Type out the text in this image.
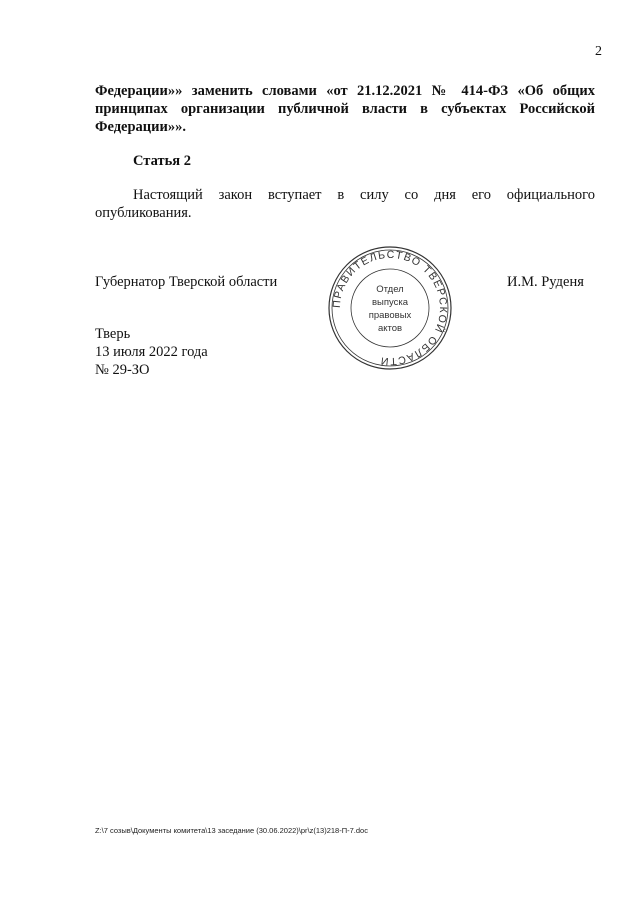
2

Федерации»» заменить словами «от 21.12.2021 № 414-ФЗ «Об общих принципах организации публичной власти в субъектах Российской Федерации»».

Статья 2

Настоящий закон вступает в силу со дня его официального опубликования.

Губернатор Тверской области	И.М. Руденя
ПРАВИТЕЛЬСТВО ТВЕРСКОЙ ОБЛАСТИ
Отдел
выпуска
правовых
актов
Тверь
13 июля 2022 года
№ 29-ЗО
Z:\7 созыв\Документы комитета\13 заседание (30.06.2022)\pr\z(13)218-П-7.doc
